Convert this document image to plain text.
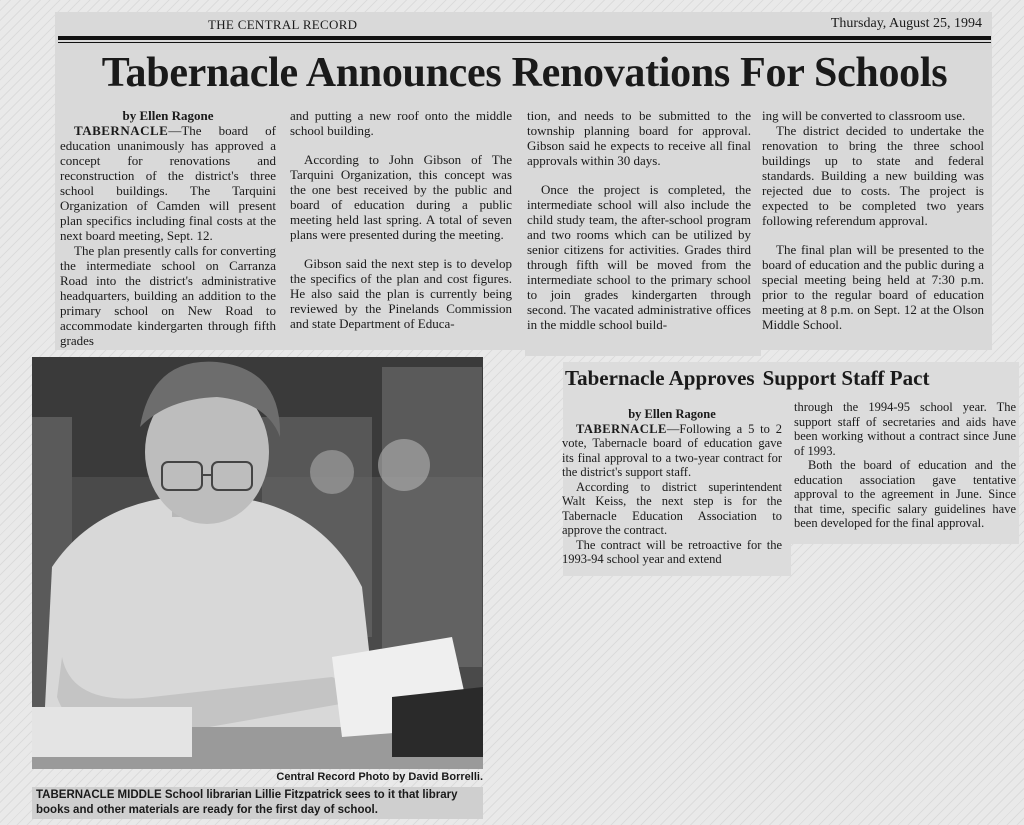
THE CENTRAL RECORD	Thursday, August 25, 1994
Tabernacle Announces Renovations For Schools

by Ellen Ragone

TABERNACLE—The board of education unanimously has approved a concept for renovations and reconstruction of the district's three school buildings. The Tarquini Organization of Camden will present plan specifics including final costs at the next board meeting, Sept. 12.

The plan presently calls for converting the intermediate school on Carranza Road into the district's administrative headquarters, building an addition to the primary school on New Road to accommodate kindergarten through fifth grades

and putting a new roof onto the middle school building.

According to John Gibson of The Tarquini Organization, this concept was the one best received by the public and board of education during a public meeting held last spring. A total of seven plans were presented during the meeting.

Gibson said the next step is to develop the specifics of the plan and cost figures. He also said the plan is currently being reviewed by the Pinelands Commission and state Department of Educa-

tion, and needs to be submitted to the township planning board for approval. Gibson said he expects to receive all final approvals within 30 days.

Once the project is completed, the intermediate school will also include the child study team, the after-school program and two rooms which can be utilized by senior citizens for activities. Grades third through fifth will be moved from the intermediate school to the primary school to join grades kindergarten through second. The vacated administrative offices in the middle school build-

ing will be converted to classroom use.

The district decided to undertake the renovation to bring the three school buildings up to state and federal standards. Building a new building was rejected due to costs. The project is expected to be completed two years following referendum approval.

The final plan will be presented to the board of education and the public during a special meeting being held at 7:30 p.m. prior to the regular board of education meeting at 8 p.m. on Sept. 12 at the Olson Middle School.

Central Record Photo by David Borrelli.
TABERNACLE MIDDLE School librarian Lillie Fitzpatrick sees to it that library books and other materials are ready for the first day of school.
Tabernacle Approves Support Staff Pact

by Ellen Ragone

TABERNACLE—Following a 5 to 2 vote, Tabernacle board of education gave its final approval to a two-year contract for the district's support staff.

According to district superintendent Walt Keiss, the next step is for the Tabernacle Education Association to approve the contract.

The contract will be retroactive for the 1993-94 school year and extend

through the 1994-95 school year. The support staff of secretaries and aids have been working without a contract since June of 1993.

Both the board of education and the education association gave tentative approval to the agreement in June. Since that time, specific salary guidelines have been developed for the final approval.
